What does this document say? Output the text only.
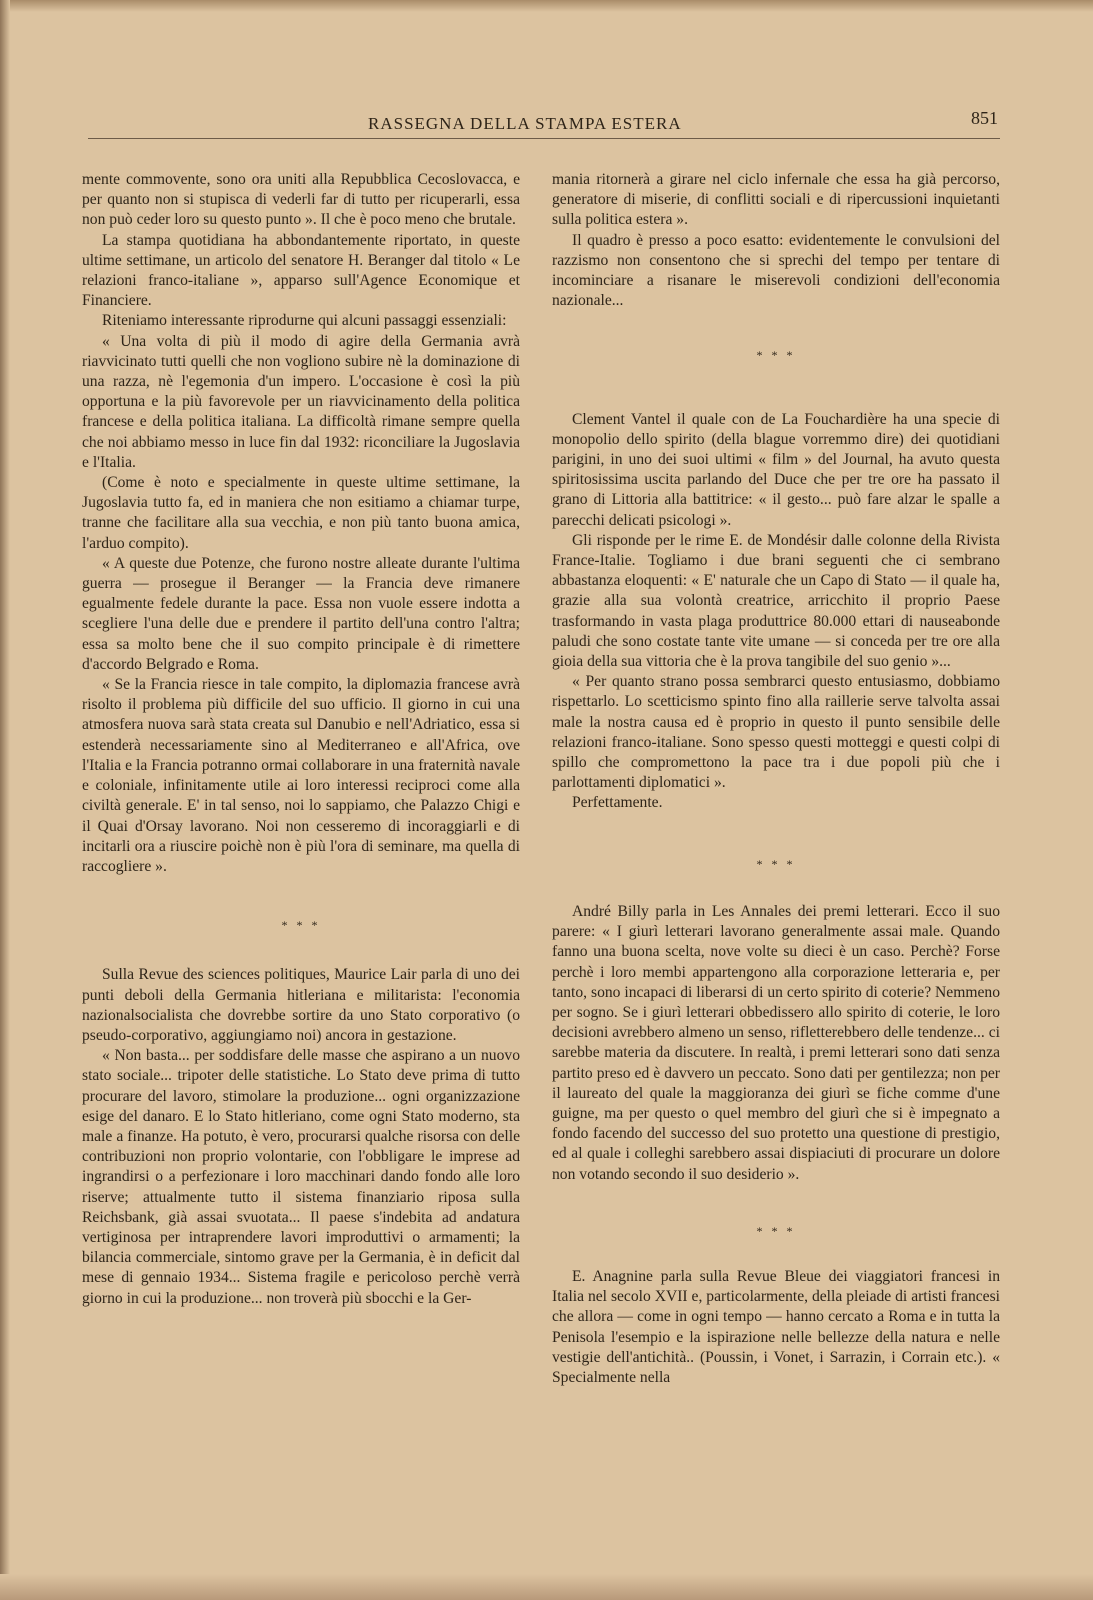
RASSEGNA DELLA STAMPA ESTERA	851

mente commovente, sono ora uniti alla Repubblica Cecoslovacca, e per quanto non si stupisca di vederli far di tutto per ricuperarli, essa non può ceder loro su questo punto ». Il che è poco meno che brutale.

La stampa quotidiana ha abbondantemente riportato, in queste ultime settimane, un articolo del senatore H. Beranger dal titolo « Le relazioni franco-italiane », apparso sull'Agence Economique et Financiere.

Riteniamo interessante riprodurne qui alcuni passaggi essenziali:

« Una volta di più il modo di agire della Germania avrà riavvicinato tutti quelli che non vogliono subire nè la dominazione di una razza, nè l'egemonia d'un impero. L'occasione è così la più opportuna e la più favorevole per un riavvicinamento della politica francese e della politica italiana. La difficoltà rimane sempre quella che noi abbiamo messo in luce fin dal 1932: riconciliare la Jugoslavia e l'Italia.

(Come è noto e specialmente in queste ultime settimane, la Jugoslavia tutto fa, ed in maniera che non esitiamo a chiamar turpe, tranne che facilitare alla sua vecchia, e non più tanto buona amica, l'arduo compito).

« A queste due Potenze, che furono nostre alleate durante l'ultima guerra — prosegue il Beranger — la Francia deve rimanere egualmente fedele durante la pace. Essa non vuole essere indotta a scegliere l'una delle due e prendere il partito dell'una contro l'altra; essa sa molto bene che il suo compito principale è di rimettere d'accordo Belgrado e Roma.

« Se la Francia riesce in tale compito, la diplomazia francese avrà risolto il problema più difficile del suo ufficio. Il giorno in cui una atmosfera nuova sarà stata creata sul Danubio e nell'Adriatico, essa si estenderà necessariamente sino al Mediterraneo e all'Africa, ove l'Italia e la Francia potranno ormai collaborare in una fraternità navale e coloniale, infinitamente utile ai loro interessi reciproci come alla civiltà generale. E' in tal senso, noi lo sappiamo, che Palazzo Chigi e il Quai d'Orsay lavorano. Noi non cesseremo di incoraggiarli e di incitarli ora a riuscire poichè non è più l'ora di seminare, ma quella di raccogliere ».

* * *

Sulla Revue des sciences politiques, Maurice Lair parla di uno dei punti deboli della Germania hitleriana e militarista: l'economia nazionalsocialista che dovrebbe sortire da uno Stato corporativo (o pseudo-corporativo, aggiungiamo noi) ancora in gestazione.

« Non basta... per soddisfare delle masse che aspirano a un nuovo stato sociale... tripoter delle statistiche. Lo Stato deve prima di tutto procurare del lavoro, stimolare la produzione... ogni organizzazione esige del danaro. E lo Stato hitleriano, come ogni Stato moderno, sta male a finanze. Ha potuto, è vero, procurarsi qualche risorsa con delle contribuzioni non proprio volontarie, con l'obbligare le imprese ad ingrandirsi o a perfezionare i loro macchinari dando fondo alle loro riserve; attualmente tutto il sistema finanziario riposa sulla Reichsbank, già assai svuotata... Il paese s'indebita ad andatura vertiginosa per intraprendere lavori improduttivi o armamenti; la bilancia commerciale, sintomo grave per la Germania, è in deficit dal mese di gennaio 1934... Sistema fragile e pericoloso perchè verrà giorno in cui la produzione... non troverà più sbocchi e la Ger-

mania ritornerà a girare nel ciclo infernale che essa ha già percorso, generatore di miserie, di conflitti sociali e di ripercussioni inquietanti sulla politica estera ».

Il quadro è presso a poco esatto: evidentemente le convulsioni del razzismo non consentono che si sprechi del tempo per tentare di incominciare a risanare le miserevoli condizioni dell'economia nazionale...

* * *

Clement Vantel il quale con de La Fouchardière ha una specie di monopolio dello spirito (della blague vorremmo dire) dei quotidiani parigini, in uno dei suoi ultimi « film » del Journal, ha avuto questa spiritosissima uscita parlando del Duce che per tre ore ha passato il grano di Littoria alla battitrice: « il gesto... può fare alzar le spalle a parecchi delicati psicologi ».

Gli risponde per le rime E. de Mondésir dalle colonne della Rivista France-Italie. Togliamo i due brani seguenti che ci sembrano abbastanza eloquenti: « E' naturale che un Capo di Stato — il quale ha, grazie alla sua volontà creatrice, arricchito il proprio Paese trasformando in vasta plaga produttrice 80.000 ettari di nauseabonde paludi che sono costate tante vite umane — si conceda per tre ore alla gioia della sua vittoria che è la prova tangibile del suo genio »...

« Per quanto strano possa sembrarci questo entusiasmo, dobbiamo rispettarlo. Lo scetticismo spinto fino alla raillerie serve talvolta assai male la nostra causa ed è proprio in questo il punto sensibile delle relazioni franco-italiane. Sono spesso questi motteggi e questi colpi di spillo che compromettono la pace tra i due popoli più che i parlottamenti diplomatici ».

Perfettamente.

* * *

André Billy parla in Les Annales dei premi letterari. Ecco il suo parere: « I giurì letterari lavorano generalmente assai male. Quando fanno una buona scelta, nove volte su dieci è un caso. Perchè? Forse perchè i loro membi appartengono alla corporazione letteraria e, per tanto, sono incapaci di liberarsi di un certo spirito di coterie? Nemmeno per sogno. Se i giurì letterari obbedissero allo spirito di coterie, le loro decisioni avrebbero almeno un senso, rifletterebbero delle tendenze... ci sarebbe materia da discutere. In realtà, i premi letterari sono dati senza partito preso ed è davvero un peccato. Sono dati per gentilezza; non per il laureato del quale la maggioranza dei giurì se fiche comme d'une guigne, ma per questo o quel membro del giurì che si è impegnato a fondo facendo del successo del suo protetto una questione di prestigio, ed al quale i colleghi sarebbero assai dispiaciuti di procurare un dolore non votando secondo il suo desiderio ».

* * *

E. Anagnine parla sulla Revue Bleue dei viaggiatori francesi in Italia nel secolo XVII e, particolarmente, della pleiade di artisti francesi che allora — come in ogni tempo — hanno cercato a Roma e in tutta la Penisola l'esempio e la ispirazione nelle bellezze della natura e nelle vestigie dell'antichità.. (Poussin, i Vonet, i Sarrazin, i Corrain etc.). « Specialmente nella
